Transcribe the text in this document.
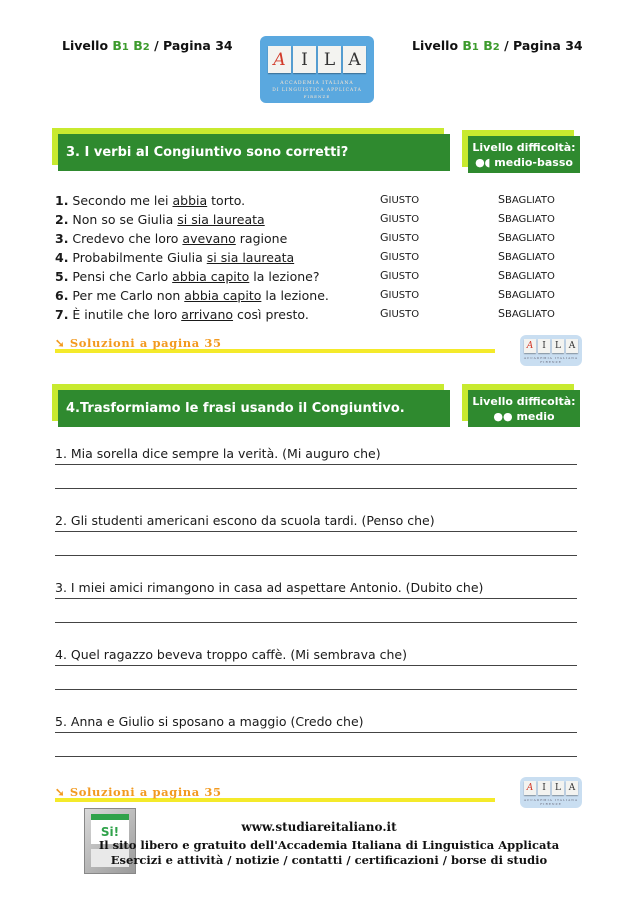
Livello B1 B2 / Pagina 34	Livello B1 B2 / Pagina 34
A I L A
ACCADEMIA ITALIANA
DI LINGUISTICA APPLICATA
FIRENZE
3. I verbi al Congiuntivo sono corretti?	Livello difficoltà:
●◖ medio-basso
1. Secondo me lei abbia torto.	GIUSTO	SBAGLIATO
2. Non so se Giulia si sia laureata	GIUSTO	SBAGLIATO
3. Credevo che loro avevano ragione	GIUSTO	SBAGLIATO
4. Probabilmente Giulia si sia laureata	GIUSTO	SBAGLIATO
5. Pensi che Carlo abbia capito la lezione?	GIUSTO	SBAGLIATO
6. Per me Carlo non abbia capito la lezione.	GIUSTO	SBAGLIATO
7. È inutile che loro arrivano così presto.	GIUSTO	SBAGLIATO
➘ Soluzioni a pagina 35	A I	L A
ACCADEMIA ITALIANA
FIRENZE
4.Trasformiamo le frasi usando il Congiuntivo.	Livello difficoltà:
●● medio
1. Mia sorella dice sempre la verità. (Mi auguro che)
2. Gli studenti americani escono da scuola tardi. (Penso che)
3. I miei amici rimangono in casa ad aspettare Antonio. (Dubito che)
4. Quel ragazzo beveva troppo caffè. (Mi sembrava che)
5. Anna e Giulio si sposano a maggio (Credo che)
➘ Soluzioni a pagina 35	A I	L A
ACCADEMIA ITALIANA
FIRENZE
Si!	www.studiareitaliano.it
Il sito libero e gratuito dell'Accademia Italiana di Linguistica Applicata
Esercizi e attività / notizie / contatti / certificazioni / borse di studio
